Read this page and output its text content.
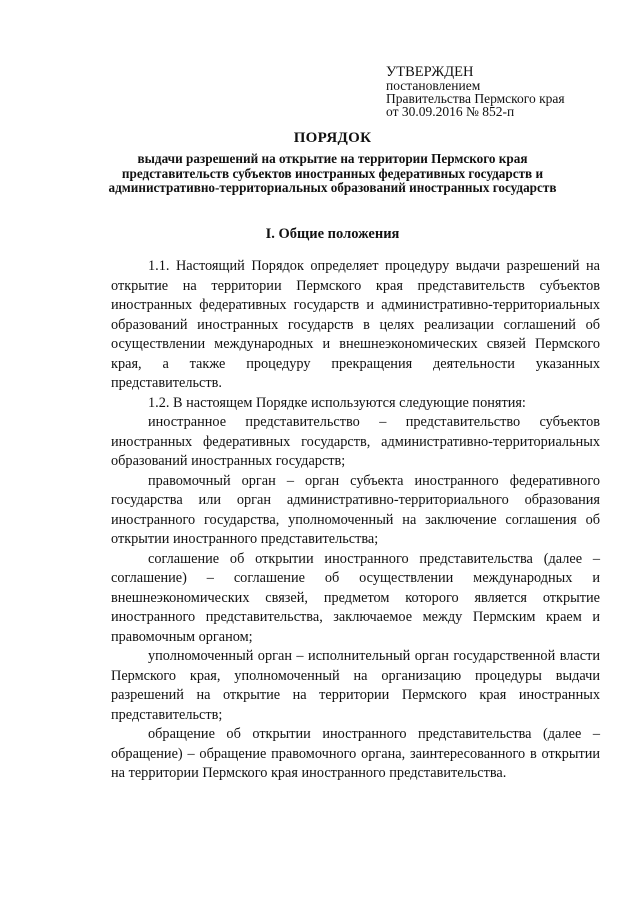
УТВЕРЖДЕН
постановлением
Правительства Пермского края
от 30.09.2016 № 852-п
ПОРЯДОК
выдачи разрешений на открытие на территории Пермского края представительств субъектов иностранных федеративных государств и административно-территориальных образований иностранных государств
I. Общие положения

1.1. Настоящий Порядок определяет процедуру выдачи разрешений на открытие на территории Пермского края представительств субъектов иностранных федеративных государств и административно-территориальных образований иностранных государств в целях реализации соглашений об осуществлении международных и внешнеэкономических связей Пермского края, а также процедуру прекращения деятельности указанных представительств.

1.2. В настоящем Порядке используются следующие понятия:

иностранное представительство – представительство субъектов иностранных федеративных государств, административно-территориальных образований иностранных государств;

правомочный орган – орган субъекта иностранного федеративного государства или орган административно-территориального образования иностранного государства, уполномоченный на заключение соглашения об открытии иностранного представительства;

соглашение об открытии иностранного представительства (далее – соглашение) – соглашение об осуществлении международных и внешнеэкономических связей, предметом которого является открытие иностранного представительства, заключаемое между Пермским краем и правомочным органом;

уполномоченный орган – исполнительный орган государственной власти Пермского края, уполномоченный на организацию процедуры выдачи разрешений на открытие на территории Пермского края иностранных представительств;

обращение об открытии иностранного представительства (далее – обращение) – обращение правомочного органа, заинтересованного в открытии на территории Пермского края иностранного представительства.
